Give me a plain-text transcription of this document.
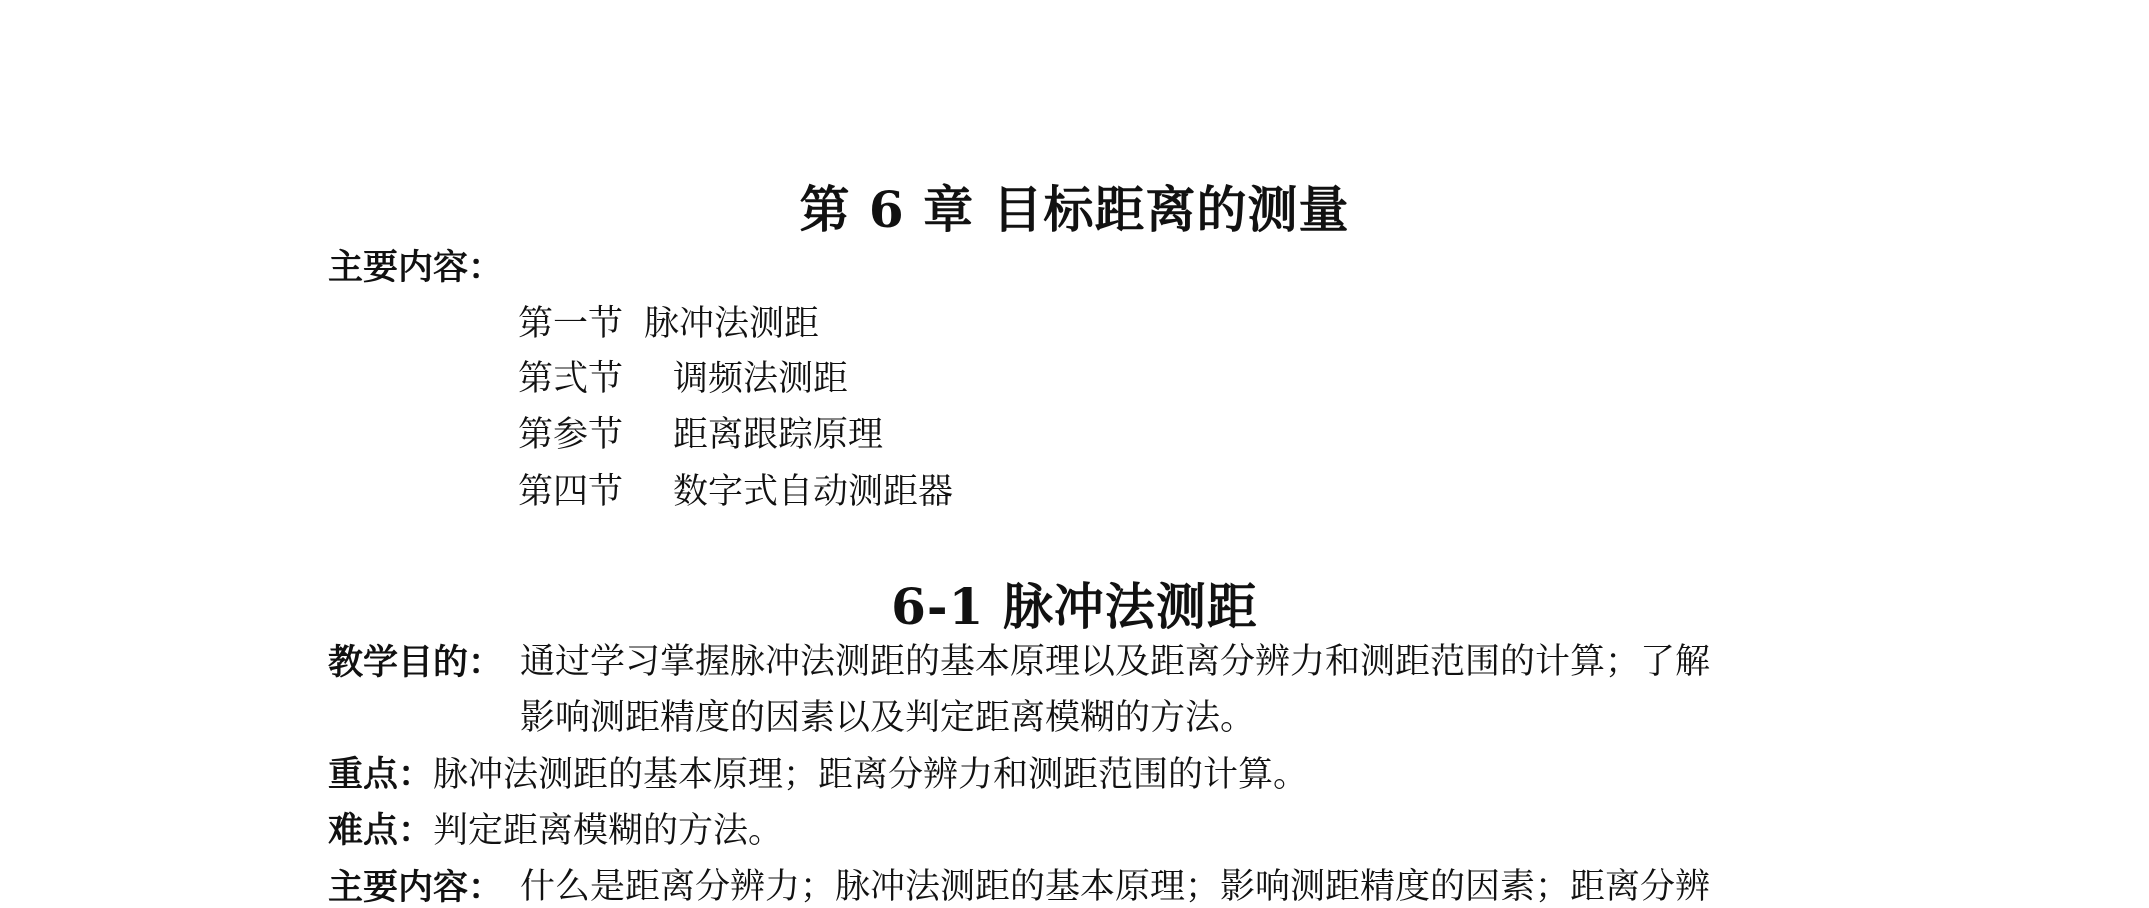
第 6 章 目标距离的测量
主要内容：
第一节 脉冲法测距
第弍节 调频法测距
第参节 距离跟踪原理
第四节 数字式自动测距器
6-1 脉冲法测距
教学目的： 通过学习掌握脉冲法测距的基本原理以及距离分辨力和测距范围的计算；了解
影响测距精度的因素以及判定距离模糊的方法。
重点：脉冲法测距的基本原理；距离分辨力和测距范围的计算。
难点：判定距离模糊的方法。
主要内容： 什么是距离分辨力；脉冲法测距的基本原理；影响测距精度的因素；距离分辨
